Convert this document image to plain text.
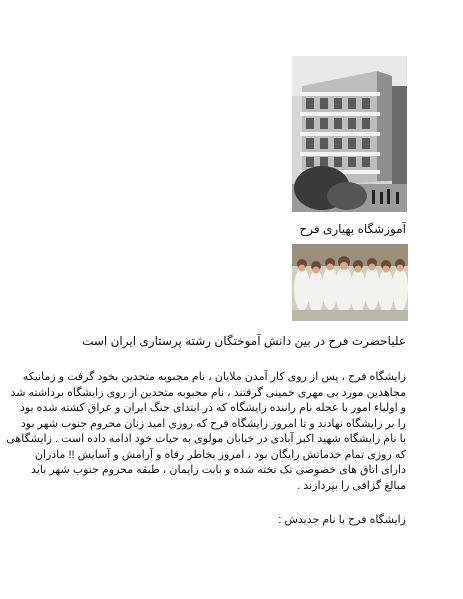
آموزشگاه بهیاری فرح
علیاحضرت فرح در بین دانش آموختگان رشته پرستاری ایران است
زایشگاه فرح ، پس از روی کار آمدن ملایان ، نام مجبوبه متحدین بخود گرفت و زمانیکه
مجاهدین مورد بی مهری خمینی گرفتند ، نام مجبوبه متحدین از روی زایشگاه برداشته شد
و اولیاء امور با عجله نام راننده زایشگاه که در ابتدای جنگ ایران و عراق کشته شده بود
را بر زایشگاه نهادند و تا امروز زایشگاه فرح که روزی امید زنان محروم جنوب شهر بود
با نام زایشگاه شهید اکبر آبادی در خیابان مولوی به حیات خود ادامه داده است . زایشگاهی
که روزی تمام خدماتش رایگان بود ، امروز بخاطر رفاه و آرامش و آسایش !! مادران
دارای اتاق های خصوصی تک تخته شده و بابت زایمان ، طبقه محروم جنوب شهر باید
مبالغ گزافی را بپردازند .
زایشگاه فرح با نام جدیدش :
